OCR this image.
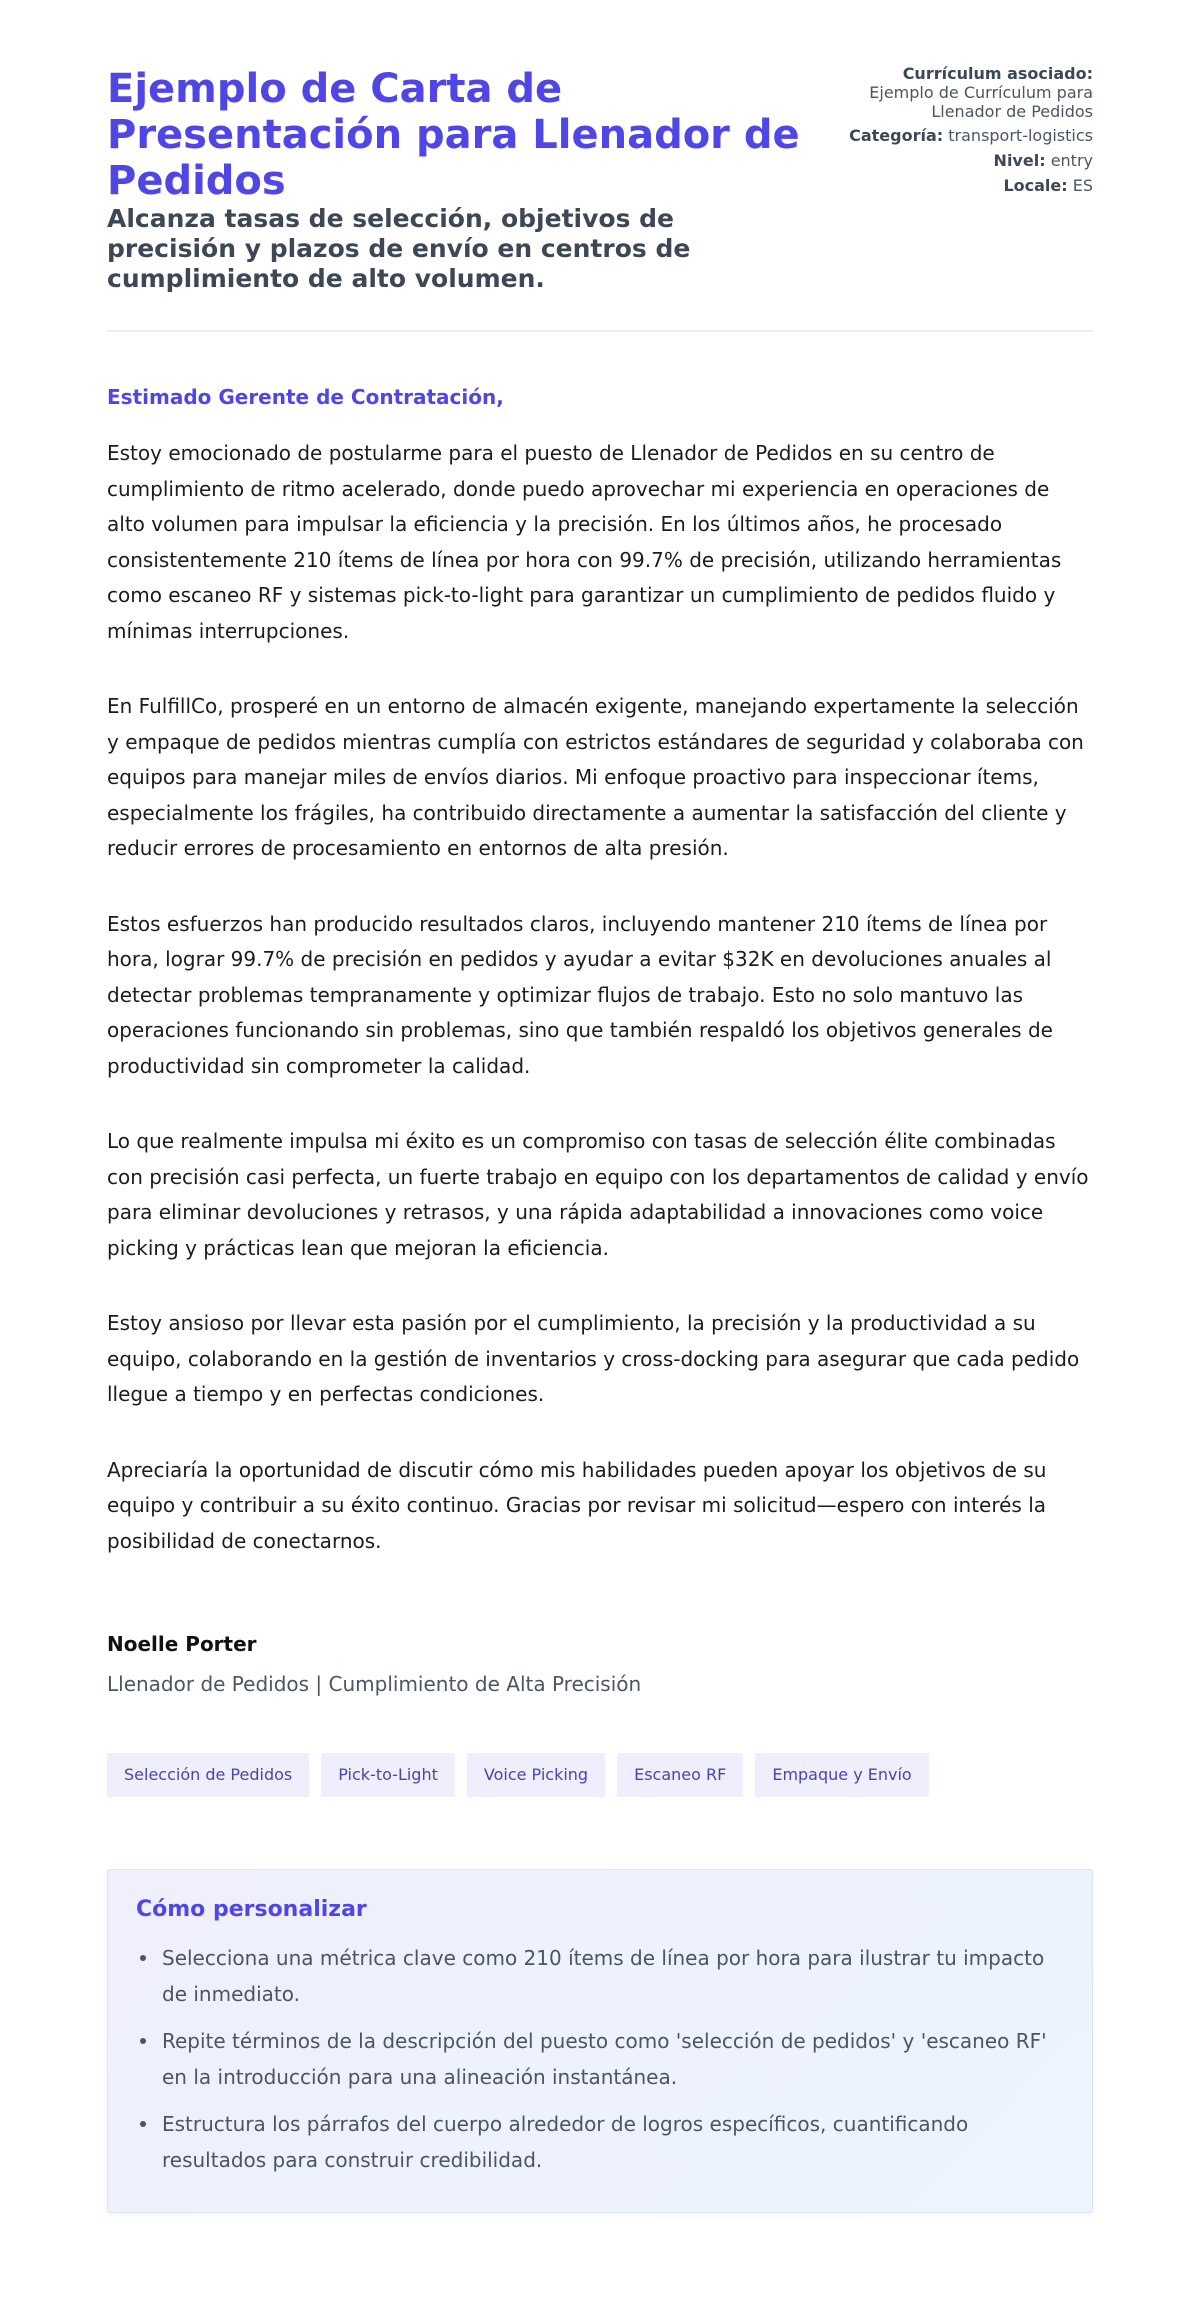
Ejemplo de Carta de Presentación para Llenador de Pedidos
Alcanza tasas de selección, objetivos de precisión y plazos de envío en centros de cumplimiento de alto volumen.
Currículum asociado:
Ejemplo de Currículum para Llenador de Pedidos
Categoría: transport-logistics
Nivel: entry
Locale: ES

Estimado Gerente de Contratación,

Estoy emocionado de postularme para el puesto de Llenador de Pedidos en su centro de cumplimiento de ritmo acelerado, donde puedo aprovechar mi experiencia en operaciones de alto volumen para impulsar la eficiencia y la precisión. En los últimos años, he procesado consistentemente 210 ítems de línea por hora con 99.7% de precisión, utilizando herramientas como escaneo RF y sistemas pick-to-light para garantizar un cumplimiento de pedidos fluido y mínimas interrupciones.

En FulfillCo, prosperé en un entorno de almacén exigente, manejando expertamente la selección y empaque de pedidos mientras cumplía con estrictos estándares de seguridad y colaboraba con equipos para manejar miles de envíos diarios. Mi enfoque proactivo para inspeccionar ítems, especialmente los frágiles, ha contribuido directamente a aumentar la satisfacción del cliente y reducir errores de procesamiento en entornos de alta presión.

Estos esfuerzos han producido resultados claros, incluyendo mantener 210 ítems de línea por hora, lograr 99.7% de precisión en pedidos y ayudar a evitar $32K en devoluciones anuales al detectar problemas tempranamente y optimizar flujos de trabajo. Esto no solo mantuvo las operaciones funcionando sin problemas, sino que también respaldó los objetivos generales de productividad sin comprometer la calidad.

Lo que realmente impulsa mi éxito es un compromiso con tasas de selección élite combinadas con precisión casi perfecta, un fuerte trabajo en equipo con los departamentos de calidad y envío para eliminar devoluciones y retrasos, y una rápida adaptabilidad a innovaciones como voice picking y prácticas lean que mejoran la eficiencia.

Estoy ansioso por llevar esta pasión por el cumplimiento, la precisión y la productividad a su equipo, colaborando en la gestión de inventarios y cross-docking para asegurar que cada pedido llegue a tiempo y en perfectas condiciones.

Apreciaría la oportunidad de discutir cómo mis habilidades pueden apoyar los objetivos de su equipo y contribuir a su éxito continuo. Gracias por revisar mi solicitud—espero con interés la posibilidad de conectarnos.

Noelle Porter
Llenador de Pedidos | Cumplimiento de Alta Precisión
Selección de Pedidos	Pick-to-Light	Voice Picking	Escaneo RF	Empaque y Envío
Cómo personalizar
Selecciona una métrica clave como 210 ítems de línea por hora para ilustrar tu impacto de inmediato.
Repite términos de la descripción del puesto como 'selección de pedidos' y 'escaneo RF' en la introducción para una alineación instantánea.
Estructura los párrafos del cuerpo alrededor de logros específicos, cuantificando resultados para construir credibilidad.
